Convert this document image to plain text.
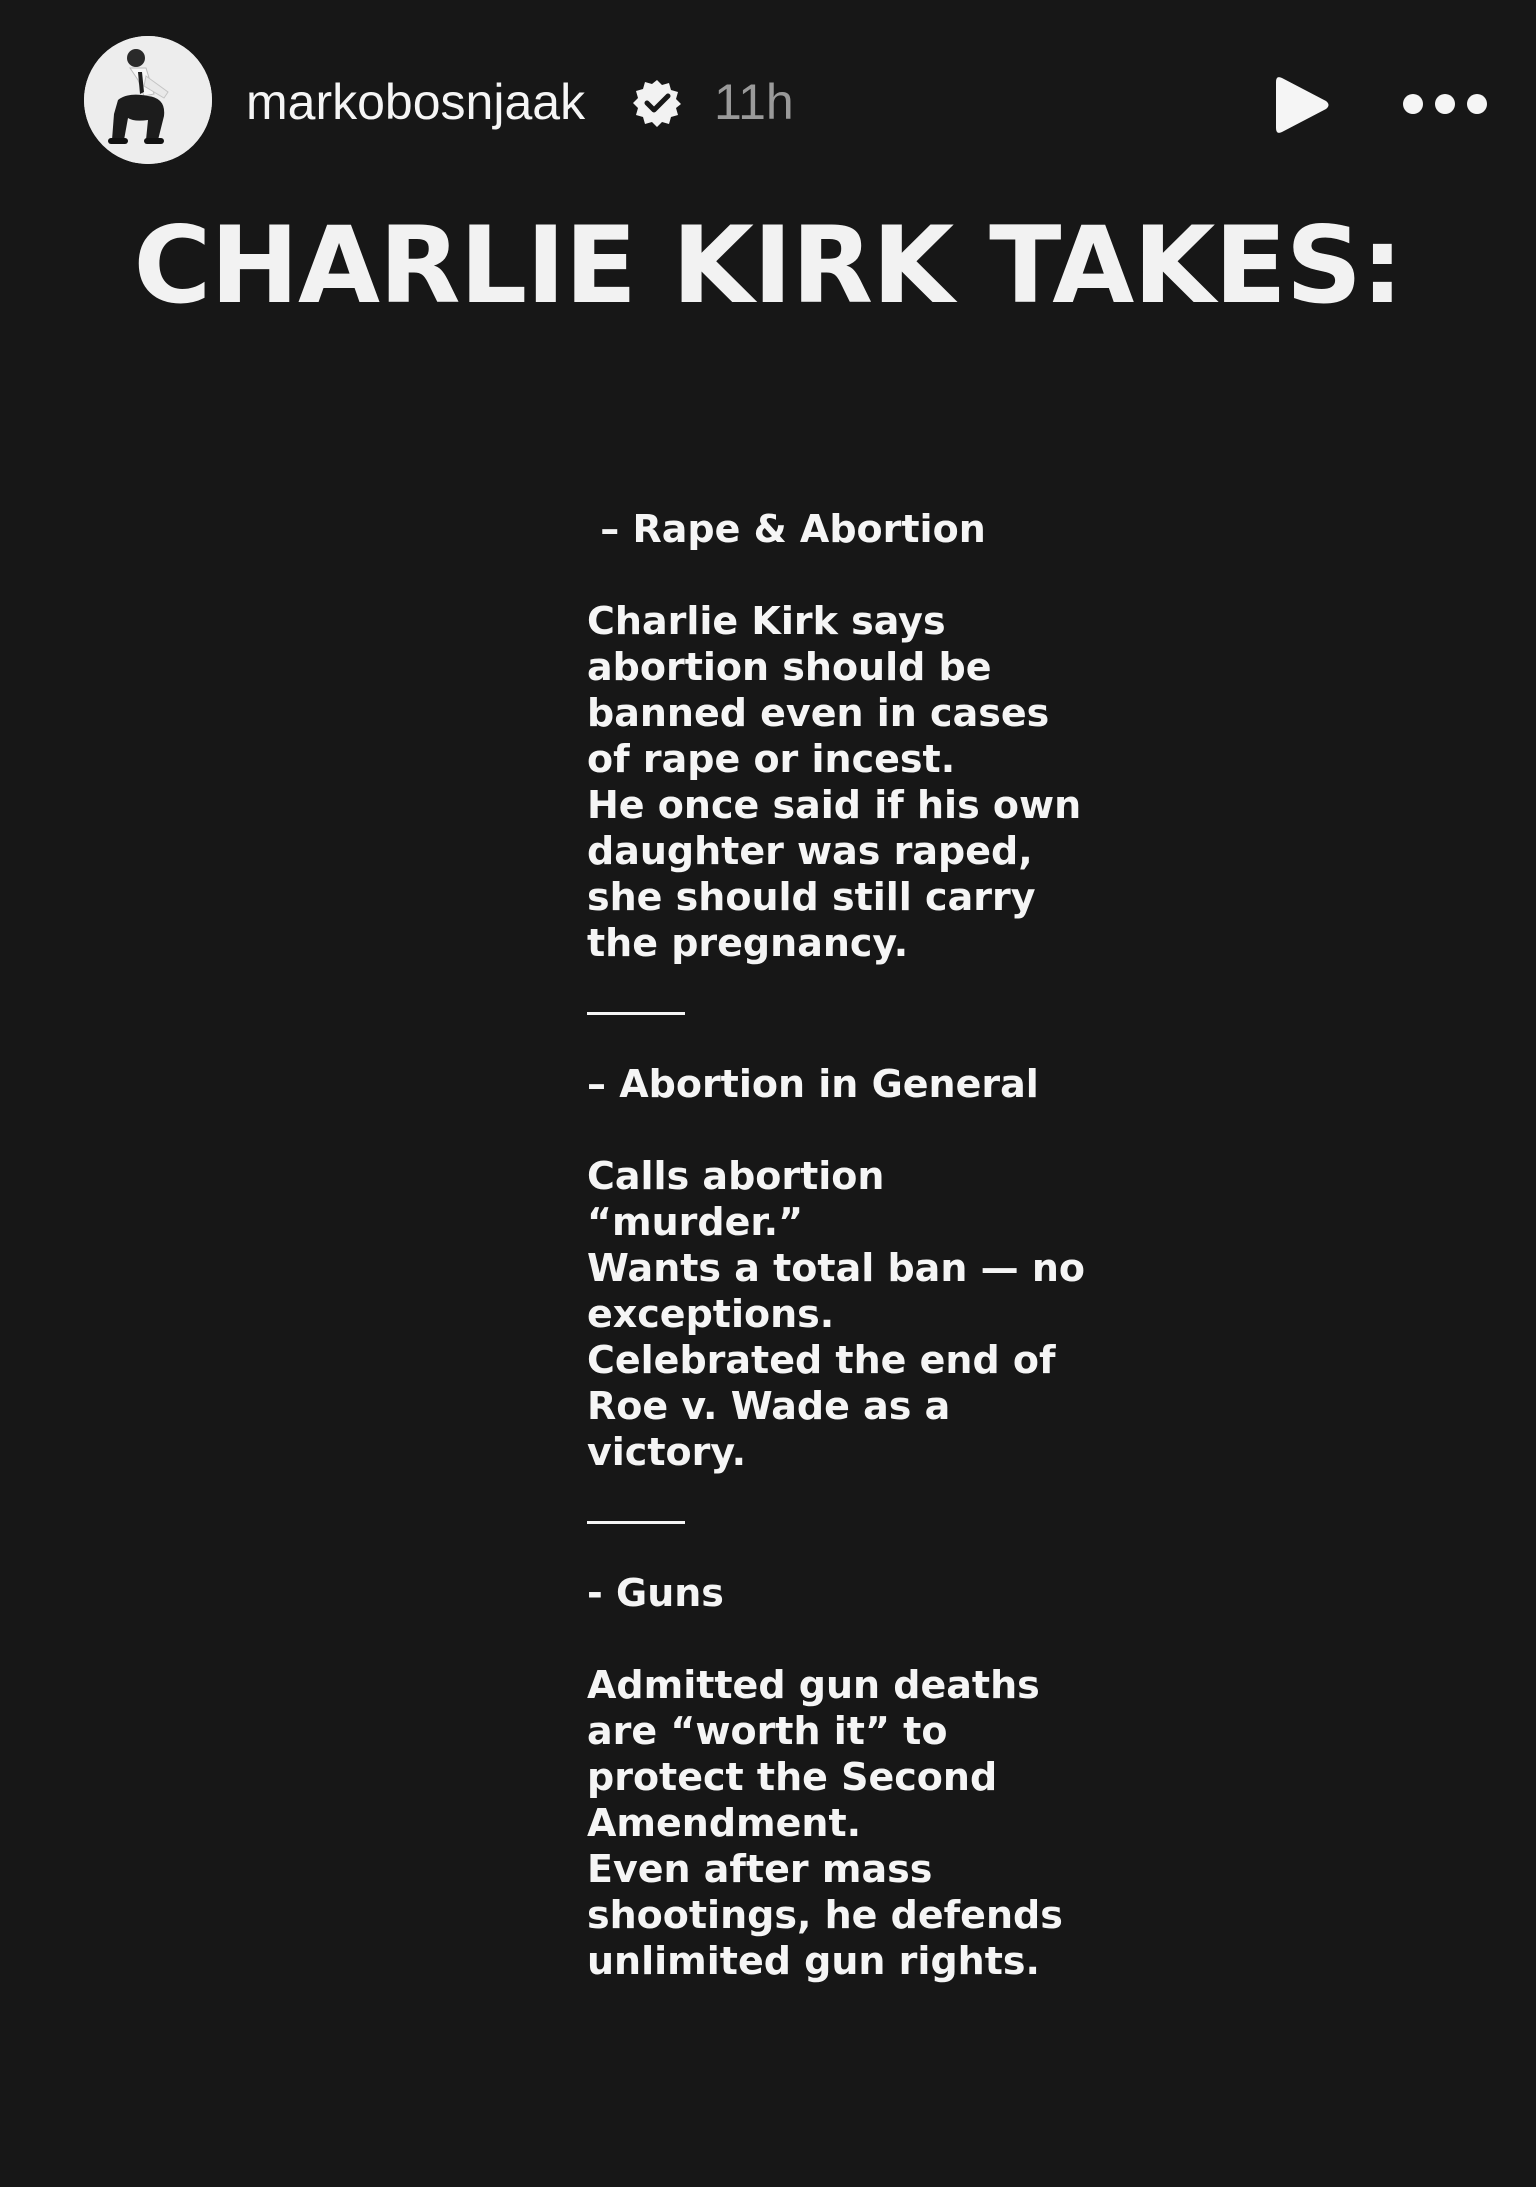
markobosnjaak	11h
CHARLIE KIRK TAKES:
– Rape & Abortion
Charlie Kirk says
abortion should be
banned even in cases
of rape or incest.
He once said if his own
daughter was raped,
she should still carry
the pregnancy.
– Abortion in General
Calls abortion
“murder.”
Wants a total ban — no
exceptions.
Celebrated the end of
Roe v. Wade as a
victory.
- Guns
Admitted gun deaths
are “worth it” to
protect the Second
Amendment.
Even after mass
shootings, he defends
unlimited gun rights.
